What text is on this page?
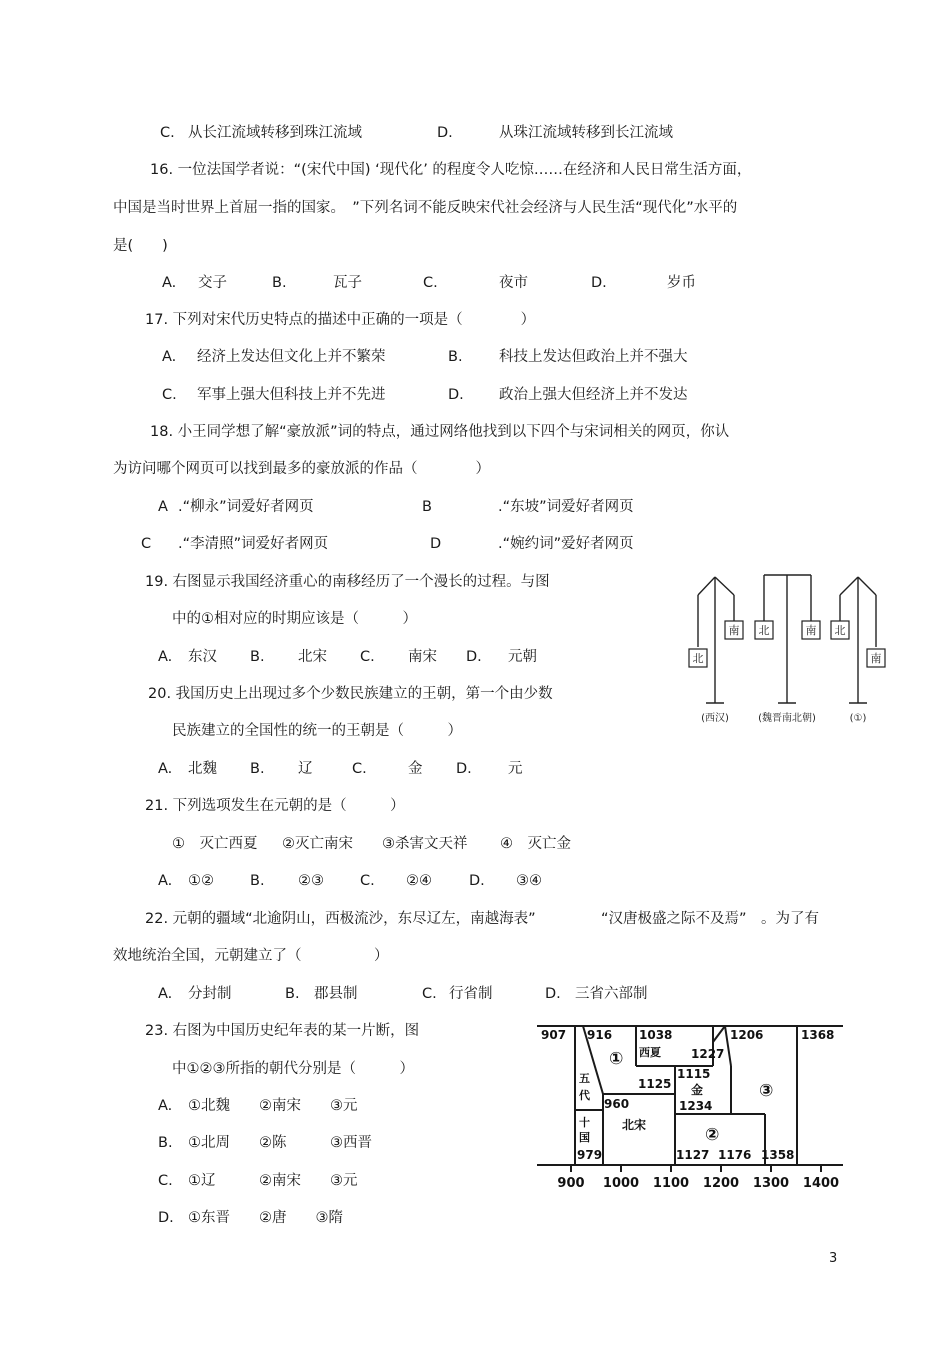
C. 从长江流域转移到珠江流域	D.	从珠江流域转移到长江流域
16. 一位法国学者说：“(宋代中国) ‘现代化’ 的程度令人吃惊……在经济和人民日常生活方面，
中国是当时世界上首屈一指的国家。　”下列名词不能反映宋代社会经济与人民生活“现代化”水平的
是(　　)
A. 交子	B.	瓦子	C.	夜市	D.	岁币
17. 下列对宋代历史特点的描述中正确的一项是（　　　　）
A. 经济上发达但文化上并不繁荣	B.	科技上发达但政治上并不强大
C. 军事上强大但科技上并不先进	D. 政治上强大但经济上并不发达
18. 小王同学想了解“豪放派”词的特点，通过网络他找到以下四个与宋词相关的网页，你认
为访问哪个网页可以找到最多的豪放派的作品（　　　　）
A .“柳永”词爱好者网页	B	.“东坡”词爱好者网页
C .“李清照”词爱好者网页	D	.“婉约词”爱好者网页
19. 右图显示我国经济重心的南移经历了一个漫长的过程。与图
中的①相对应的时期应该是（　　　）
A. 东汉 B. 北宋 C. 南宋 D. 元朝	北
南 北	南 北
南
(西汉)	(魏晋南北朝)	(①)
20. 我国历史上出现过多个少数民族建立的王朝，第一个由少数
民族建立的全国性的统一的王朝是（　　　）
A. 北魏 B. 辽	C.	金 D. 元
21. 下列选项发生在元朝的是（　　　）
①　灭亡西夏 ②灭亡南宋 ③杀害文天祥 ④　灭亡金
A. ①② B. ②③ C. ②④	D. ③④
22. 元朝的疆域“北逾阴山，西极流沙，东尽辽左，南越海表”	“汉唐极盛之际不及焉”　。为了有
效地统治全国，元朝建立了（　　　　　）
A. 分封制	B. 郡县制	C. 行省制	D. 三省六部制
23. 右图为中国历史纪年表的某一片断，图
中①②③所指的朝代分别是（　　　）
A. ①北魏　　②南宋　　③元
B. ①北周　　②陈　　　③西晋
C. ①辽　　　②南宋　　③元
D. ①东晋　　②唐　　③隋
907 916 1038	1206	1368
西夏	1227
1125
1115
金
1234
五
代
960
十
国
979
北宋
1127 1176 1358
①
②
③
900 1000 1100 1200 1300 1400
3
